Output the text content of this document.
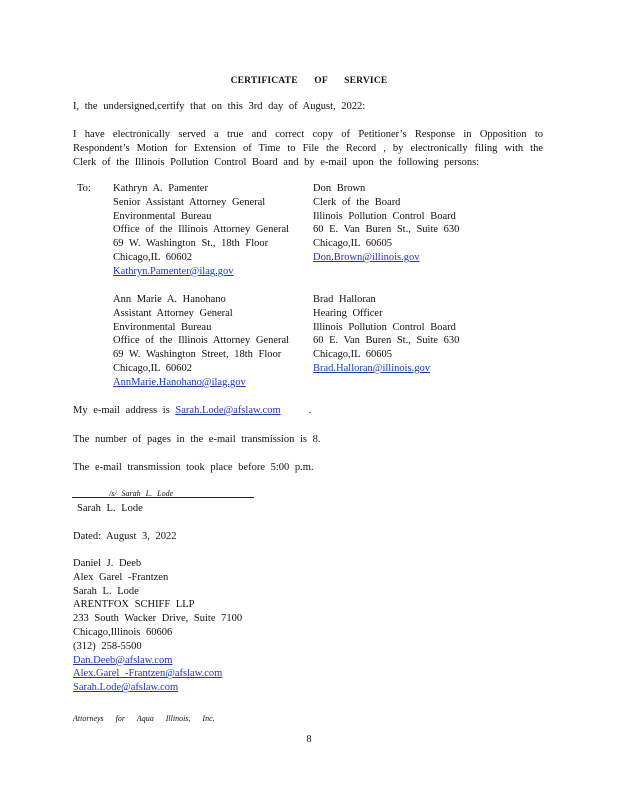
CERTIFICATE OF SERVICE
I, the undersigned,certify that on this 3rd day of August, 2022:
I have electronically served a true and correct copy of Petitioner’s Response in Opposition to
Respondent’s Motion for Extension of Time to File the Record , by electronically filing with the
Clerk of the Illinois Pollution Control Board and by e-mail upon the following persons:
To: Kathryn A. Pamenter
Senior Assistant Attorney General
Environmental Bureau
Office of the Illinois Attorney General
69 W. Washington St., 18th Floor
Chicago,IL 60602
Kathryn.Pamenter@ilag.gov
Don Brown
Clerk of the Board
Illinois Pollution Control Board
60 E. Van Buren St., Suite 630
Chicago,IL 60605
Don.Brown@illinois.gov
Ann Marie A. Hanohano
Assistant Attorney General
Environmental Bureau
Office of the Illinois Attorney General
69 W. Washington Street, 18th Floor
Chicago,IL 60602
AnnMarie.Hanohano@ilag.gov
Brad Halloran
Hearing Officer
Illinois Pollution Control Board
60 E. Van Buren St., Suite 630
Chicago,IL 60605
Brad.Halloran@illinois.gov
My e-mail address is Sarah.Lode@afslaw.com	.
The number of pages in the e-mail transmission is 8.
The e-mail transmission took place before 5:00 p.m.
/s/ Sarah L. Lode
Sarah L. Lode
Dated: August 3, 2022
Daniel J. Deeb
Alex Garel -Frantzen
Sarah L. Lode
ARENTFOX SCHIFF LLP
233 South Wacker Drive, Suite 7100
Chicago,Illinois 60606
(312) 258-5500
Dan.Deeb@afslaw.com
Alex.Garel -Frantzen@afslaw.com
Sarah.Lode@afslaw.com
Attorneys for Aqua Illinois, Inc.
8
